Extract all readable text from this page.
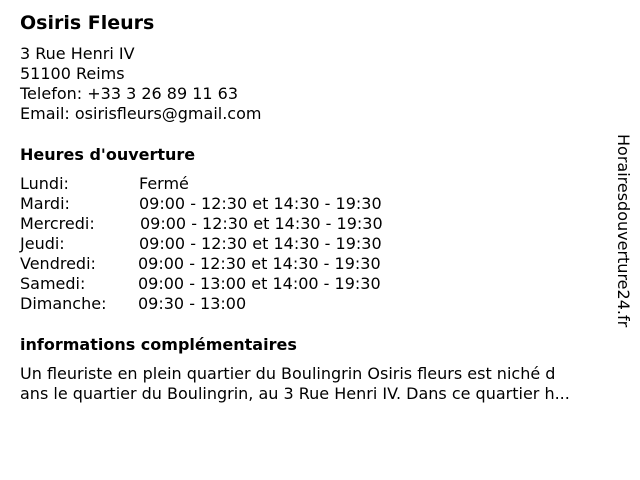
Osiris Fleurs
3 Rue Henri IV
51100 Reims
Telefon: +33 3 26 89 11 63
Email: osirisfleurs@gmail.com
Heures d'ouverture
Lundi:	Fermé
Mardi:	09:00 - 12:30 et 14:30 - 19:30
Mercredi:	09:00 - 12:30 et 14:30 - 19:30
Jeudi:	09:00 - 12:30 et 14:30 - 19:30
Vendredi:	09:00 - 12:30 et 14:30 - 19:30
Samedi:	09:00 - 13:00 et 14:00 - 19:30
Dimanche: 09:30 - 13:00
informations complémentaires
Un fleuriste en plein quartier du Boulingrin Osiris fleurs est niché d
ans le quartier du Boulingrin, au 3 Rue Henri IV. Dans ce quartier h...
Horairesdouverture24.fr
